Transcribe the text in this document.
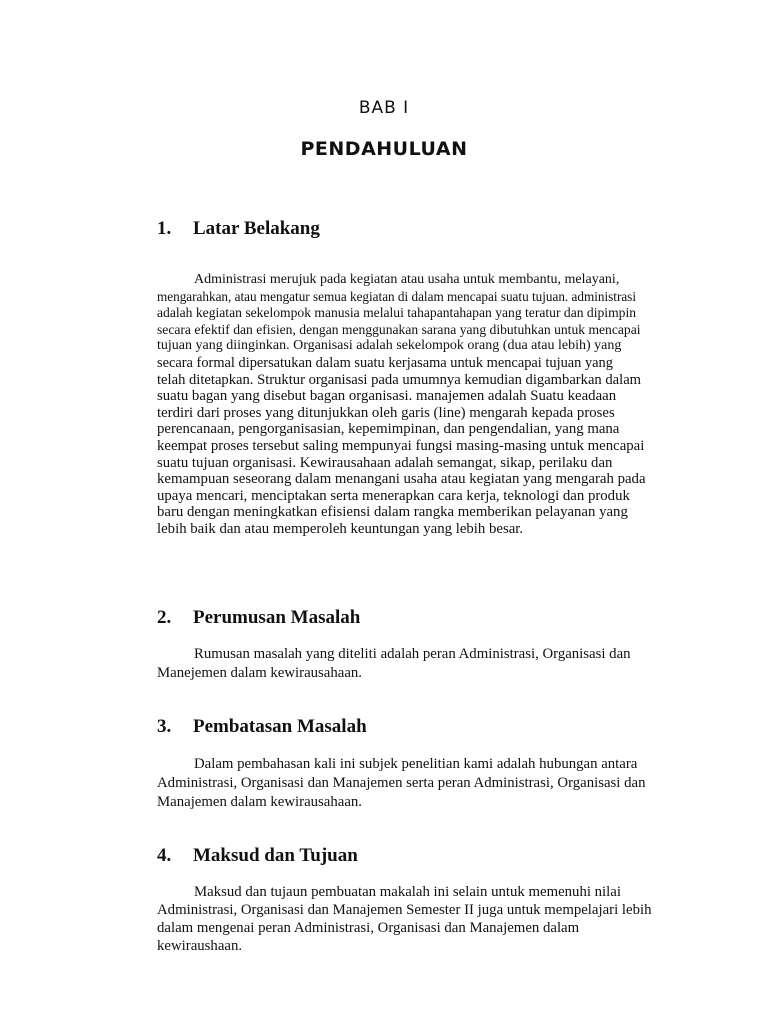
BAB I
PENDAHULUAN
1. Latar Belakang
Administrasi merujuk pada kegiatan atau usaha untuk membantu, melayani,
mengarahkan, atau mengatur semua kegiatan di dalam mencapai suatu tujuan. administrasi
adalah kegiatan sekelompok manusia melalui tahapantahapan yang teratur dan dipimpin
secara efektif dan efisien, dengan menggunakan sarana yang dibutuhkan untuk mencapai
tujuan yang diinginkan. Organisasi adalah sekelompok orang (dua atau lebih) yang
secara formal dipersatukan dalam suatu kerjasama untuk mencapai tujuan yang
telah ditetapkan. Struktur organisasi pada umumnya kemudian digambarkan dalam
suatu bagan yang disebut bagan organisasi. manajemen adalah Suatu keadaan
terdiri dari proses yang ditunjukkan oleh garis (line) mengarah kepada proses
perencanaan, pengorganisasian, kepemimpinan, dan pengendalian, yang mana
keempat proses tersebut saling mempunyai fungsi masing-masing untuk mencapai
suatu tujuan organisasi. Kewirausahaan adalah semangat, sikap, perilaku dan
kemampuan seseorang dalam menangani usaha atau kegiatan yang mengarah pada
upaya mencari, menciptakan serta menerapkan cara kerja, teknologi dan produk
baru dengan meningkatkan efisiensi dalam rangka memberikan pelayanan yang
lebih baik dan atau memperoleh keuntungan yang lebih besar.
2. Perumusan Masalah
Rumusan masalah yang diteliti adalah peran Administrasi, Organisasi dan
Manejemen dalam kewirausahaan.
3. Pembatasan Masalah
Dalam pembahasan kali ini subjek penelitian kami adalah hubungan antara
Administrasi, Organisasi dan Manajemen serta peran Administrasi, Organisasi dan
Manajemen dalam kewirausahaan.
4. Maksud dan Tujuan
Maksud dan tujaun pembuatan makalah ini selain untuk memenuhi nilai
Administrasi, Organisasi dan Manajemen Semester II juga untuk mempelajari lebih
dalam mengenai peran Administrasi, Organisasi dan Manajemen dalam
kewiraushaan.
